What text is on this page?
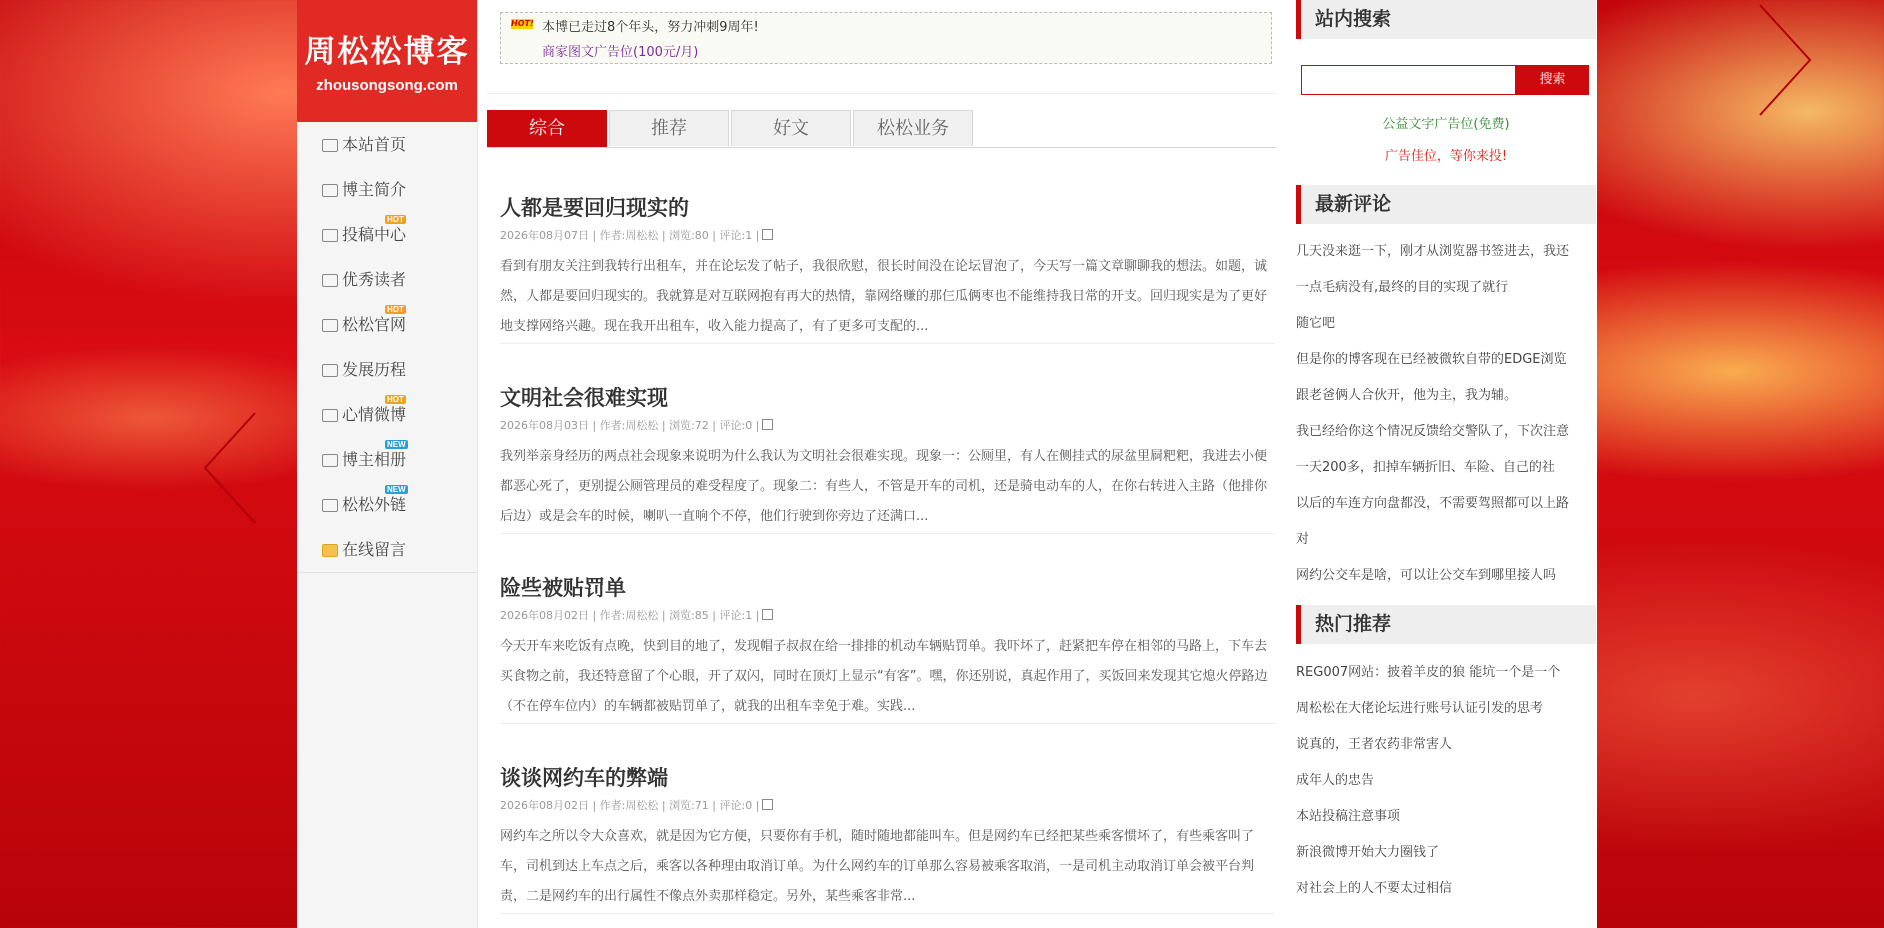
周松松博客
zhousongsong.com
本站首页
博主简介
投稿中心
HOT
优秀读者
松松官网
HOT
发展历程
心情微博
HOT
博主相册
NEW
松松外链
NEW
在线留言
HOT! 本博已走过8个年头，努力冲刺9周年!
商家图文广告位(100元/月)
综合	推荐	好文	松松业务
人都是要回归现实的
2026年08月07日 | 作者:周松松 | 浏览:80 | 评论:1 |
看到有朋友关注到我转行出租车，并在论坛发了帖子，我很欣慰，很长时间没在论坛冒泡了，今天写一篇文章聊聊我的想法。如题，诚然，人都是要回归现实的。我就算是对互联网抱有再大的热情，靠网络赚的那仨瓜俩枣也不能维持我日常的开支。回归现实是为了更好地支撑网络兴趣。现在我开出租车，收入能力提高了，有了更多可支配的...
文明社会很难实现
2026年08月03日 | 作者:周松松 | 浏览:72 | 评论:0 |
我列举亲身经历的两点社会现象来说明为什么我认为文明社会很难实现。现象一：公厕里，有人在侧挂式的尿盆里屙粑粑，我进去小便都恶心死了，更别提公厕管理员的难受程度了。现象二：有些人，不管是开车的司机，还是骑电动车的人，在你右转进入主路（他排你后边）或是会车的时候，喇叭一直响个不停，他们行驶到你旁边了还满口...
险些被贴罚单
2026年08月02日 | 作者:周松松 | 浏览:85 | 评论:1 |
今天开车来吃饭有点晚，快到目的地了，发现帽子叔叔在给一排排的机动车辆贴罚单。我吓坏了，赶紧把车停在相邻的马路上，下车去买食物之前，我还特意留了个心眼，开了双闪，同时在顶灯上显示“有客”。嘿，你还别说，真起作用了，买饭回来发现其它熄火停路边（不在停车位内）的车辆都被贴罚单了，就我的出租车幸免于难。实践...
谈谈网约车的弊端
2026年08月02日 | 作者:周松松 | 浏览:71 | 评论:0 |
网约车之所以令大众喜欢，就是因为它方便，只要你有手机，随时随地都能叫车。但是网约车已经把某些乘客惯坏了，有些乘客叫了车，司机到达上车点之后，乘客以各种理由取消订单。为什么网约车的订单那么容易被乘客取消，一是司机主动取消订单会被平台判责，二是网约车的出行属性不像点外卖那样稳定。另外，某些乘客非常...
站内搜索
搜索
公益文字广告位(免费)
广告佳位，等你来投!
最新评论
几天没来逛一下，刚才从浏览器书签进去，我还
一点毛病没有,最终的目的实现了就行
随它吧
但是你的博客现在已经被微软自带的EDGE浏览
跟老爸俩人合伙开，他为主，我为辅。
我已经给你这个情况反馈给交警队了，下次注意
一天200多，扣掉车辆折旧、车险、自己的社
以后的车连方向盘都没，不需要驾照都可以上路
对
网约公交车是啥，可以让公交车到哪里接人吗
热门推荐
REG007网站：披着羊皮的狼 能坑一个是一个
周松松在大佬论坛进行账号认证引发的思考
说真的，王者农药非常害人
成年人的忠告
本站投稿注意事项
新浪微博开始大力圈钱了
对社会上的人不要太过相信
